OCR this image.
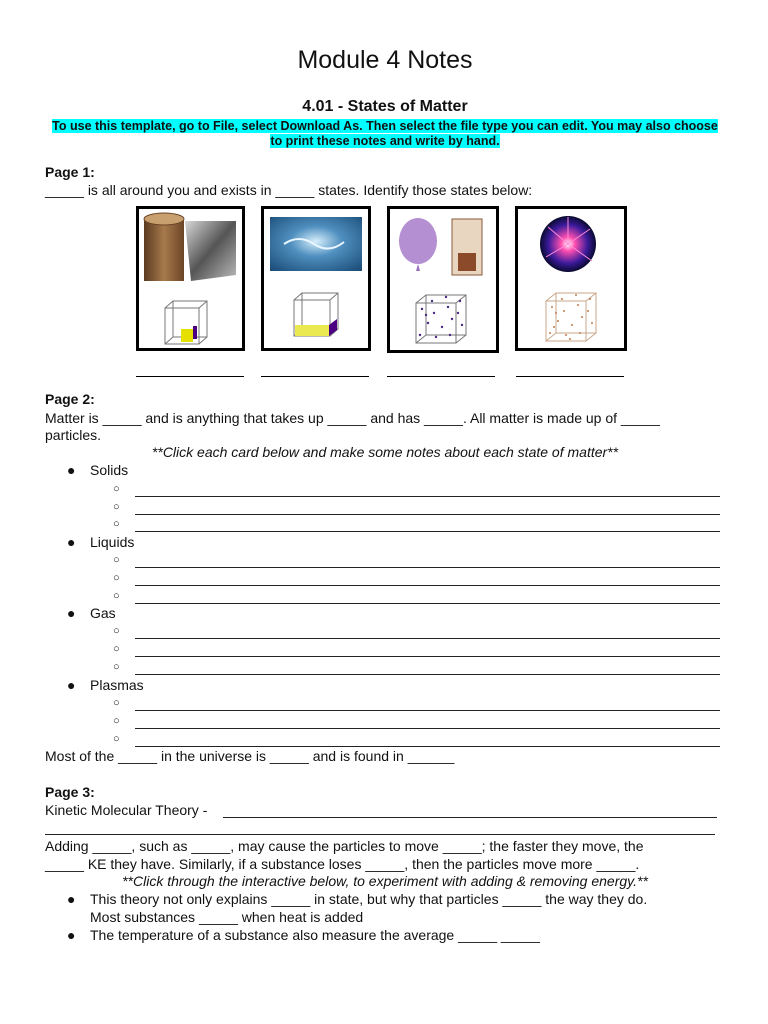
Module 4 Notes
4.01 - States of Matter
To use this template, go to File, select Download As. Then select the file type you can edit. You may also choose to print these notes and write by hand.
Page 1:
_____ is all around you and exists in _____ states. Identify those states below:
Page 2:
Matter is _____ and is anything that takes up _____ and has _____. All matter is made up of _____
particles.
**Click each card below and make some notes about each state of matter**
● Solids
○
○
○
● Liquids
○
○
○
● Gas
○
○
○
● Plasmas
○
○
○
Most of the _____ in the universe is _____ and is found in ______
Page 3:
Kinetic Molecular Theory -
Adding _____, such as _____, may cause the particles to move _____; the faster they move, the
_____ KE they have. Similarly, if a substance loses _____, then the particles move more _____.
**Click through the interactive below, to experiment with adding & removing energy.**
● This theory not only explains _____ in state, but why that particles _____ the way they do.
Most substances _____ when heat is added
● The temperature of a substance also measure the average _____ _____
